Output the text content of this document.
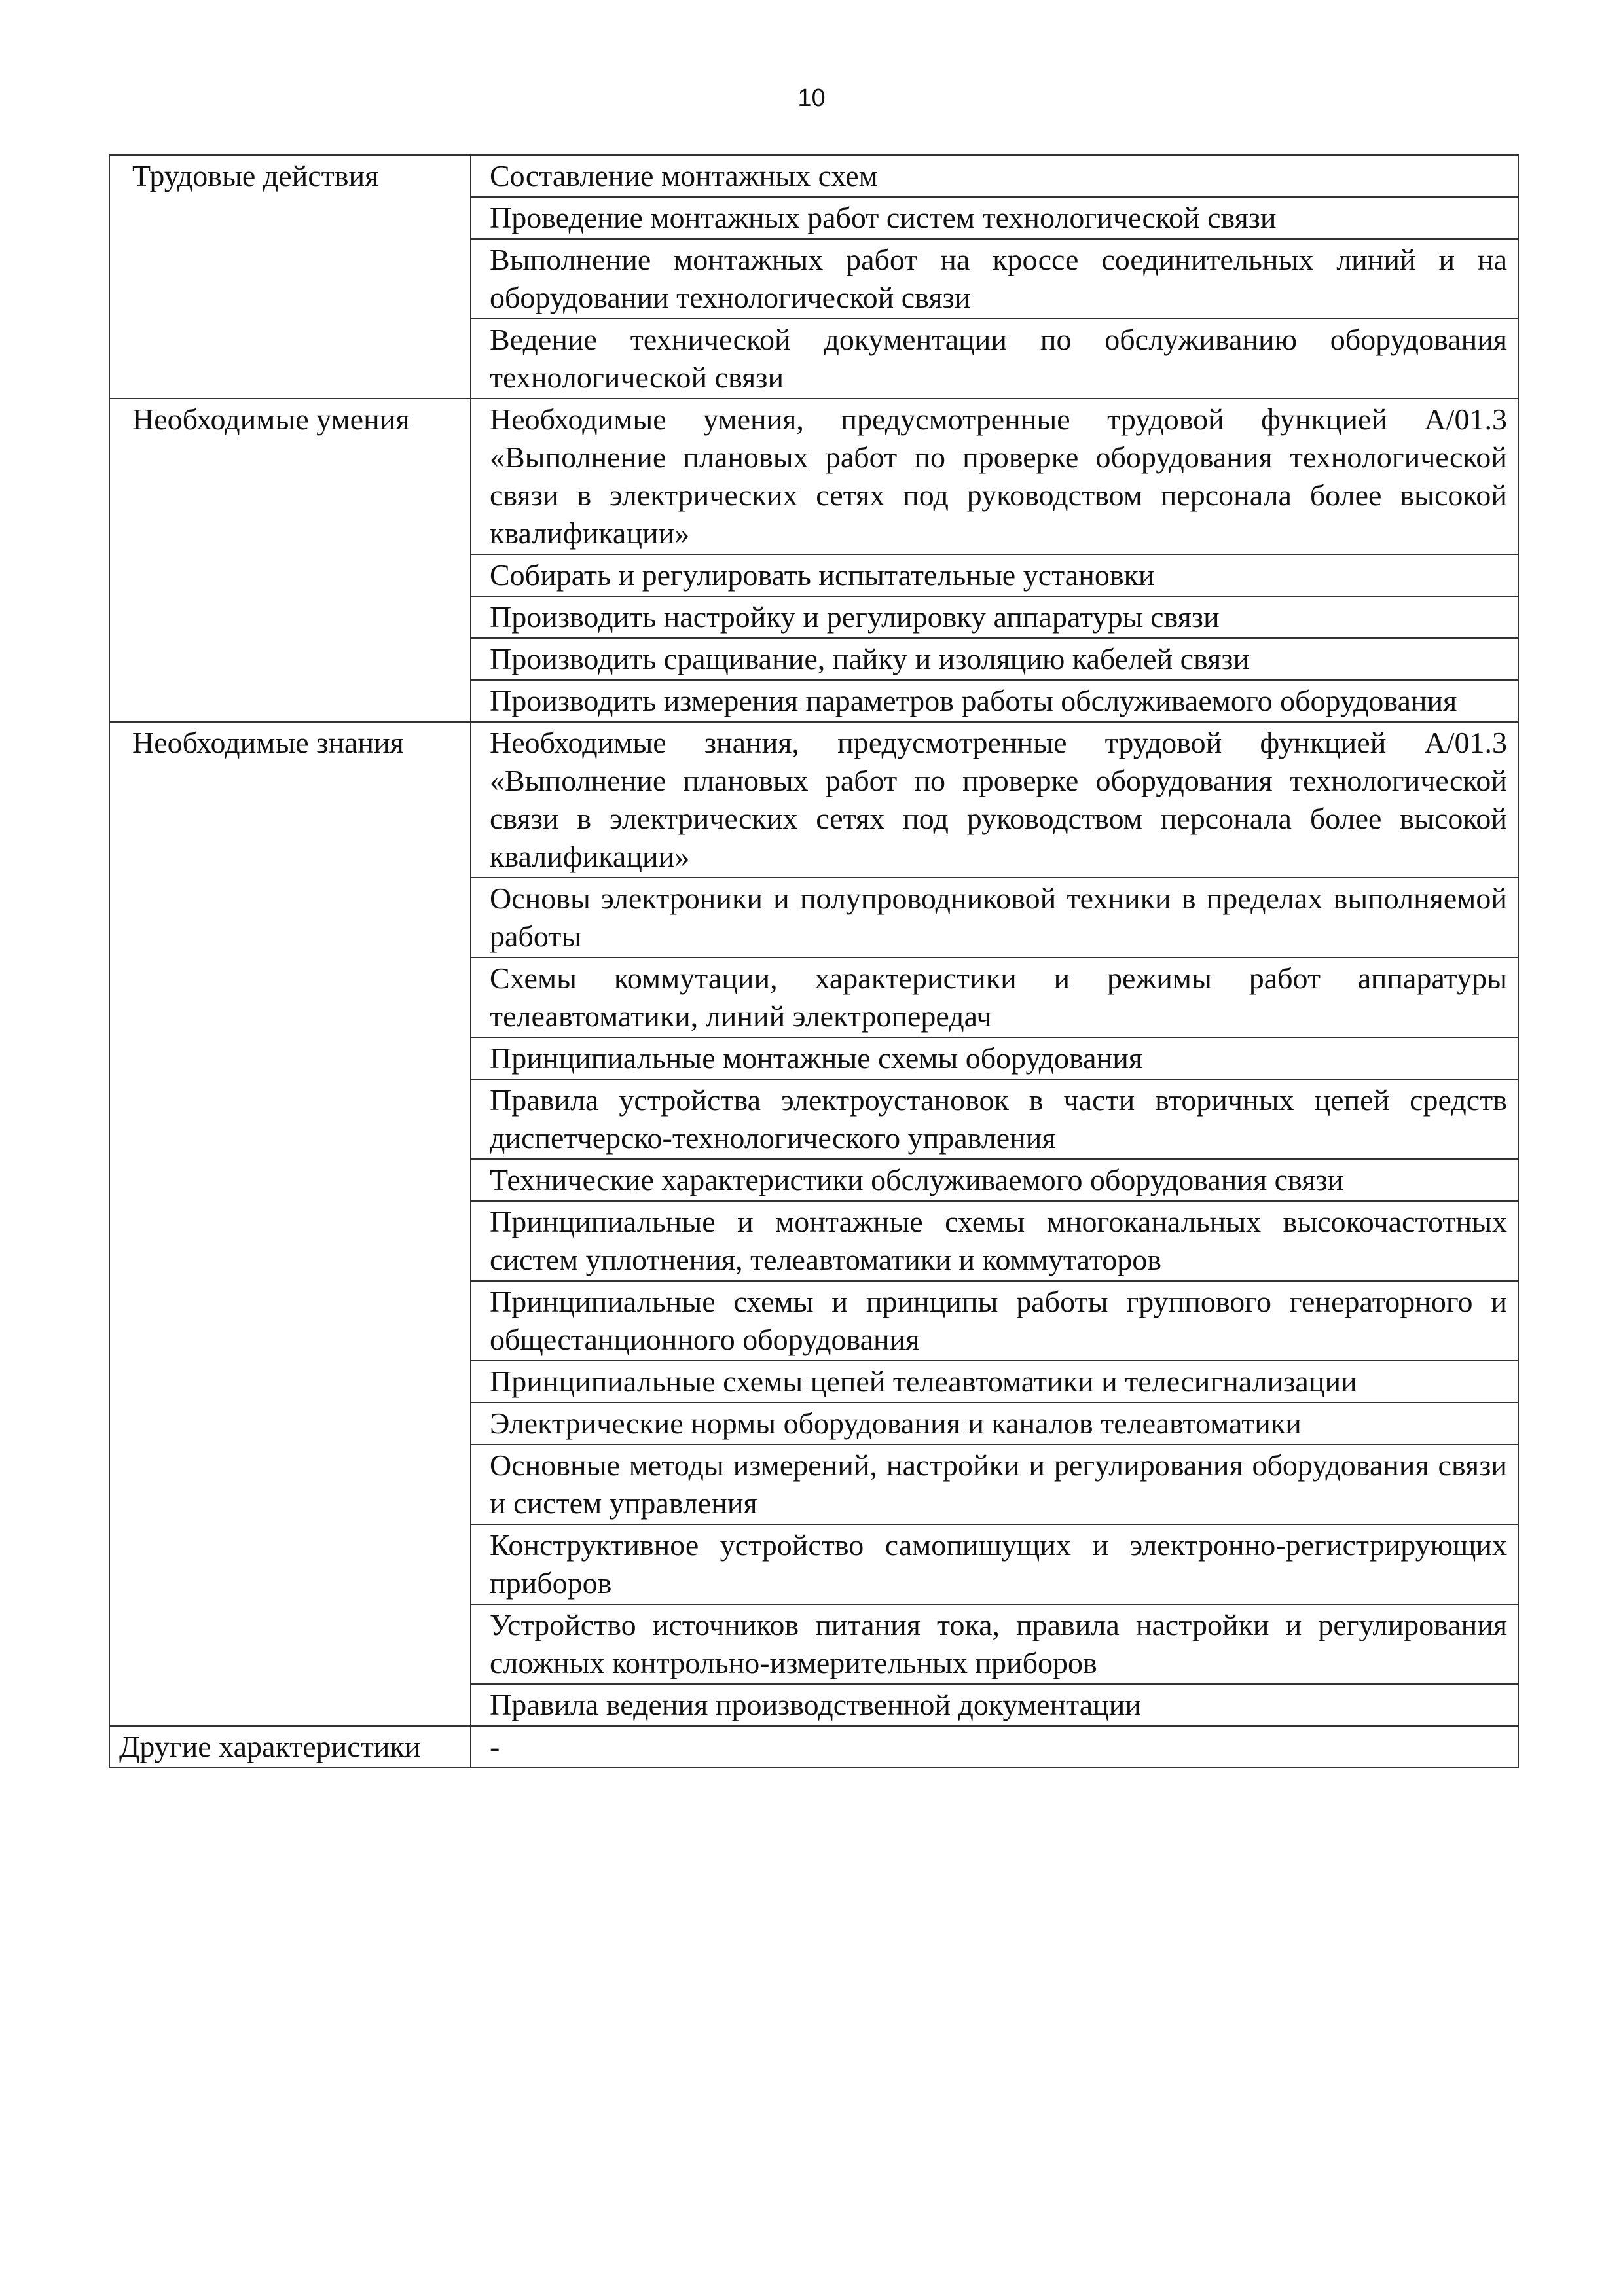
10
Трудовые действия	Составление монтажных схем
	Проведение монтажных работ систем технологической связи
	Выполнение монтажных работ на кроссе соединительных линий и на оборудовании технологической связи
	Ведение технической документации по обслуживанию оборудования технологической связи
Необходимые умения	Необходимые умения, предусмотренные трудовой функцией A/01.3 «Выполнение плановых работ по проверке оборудования технологической связи в электрических сетях под руководством персонала более высокой квалификации»
	Собирать и регулировать испытательные установки
	Производить настройку и регулировку аппаратуры связи
	Производить сращивание, пайку и изоляцию кабелей связи
	Производить измерения параметров работы обслуживаемого оборудования
Необходимые знания	Необходимые знания, предусмотренные трудовой функцией A/01.3 «Выполнение плановых работ по проверке оборудования технологической связи в электрических сетях под руководством персонала более высокой квалификации»
	Основы электроники и полупроводниковой техники в пределах выполняемой работы
	Схемы коммутации, характеристики и режимы работ аппаратуры телеавтоматики, линий электропередач
	Принципиальные монтажные схемы оборудования
	Правила устройства электроустановок в части вторичных цепей средств диспетчерско-технологического управления
	Технические характеристики обслуживаемого оборудования связи
	Принципиальные и монтажные схемы многоканальных высокочастотных систем уплотнения, телеавтоматики и коммутаторов
	Принципиальные схемы и принципы работы группового генераторного и общестанционного оборудования
	Принципиальные схемы цепей телеавтоматики и телесигнализации
	Электрические нормы оборудования и каналов телеавтоматики
	Основные методы измерений, настройки и регулирования оборудования связи и систем управления
	Конструктивное устройство самопишущих и электронно-регистрирующих приборов
	Устройство источников питания тока, правила настройки и регулирования сложных контрольно-измерительных приборов
	Правила ведения производственной документации
Другие характеристики	-
